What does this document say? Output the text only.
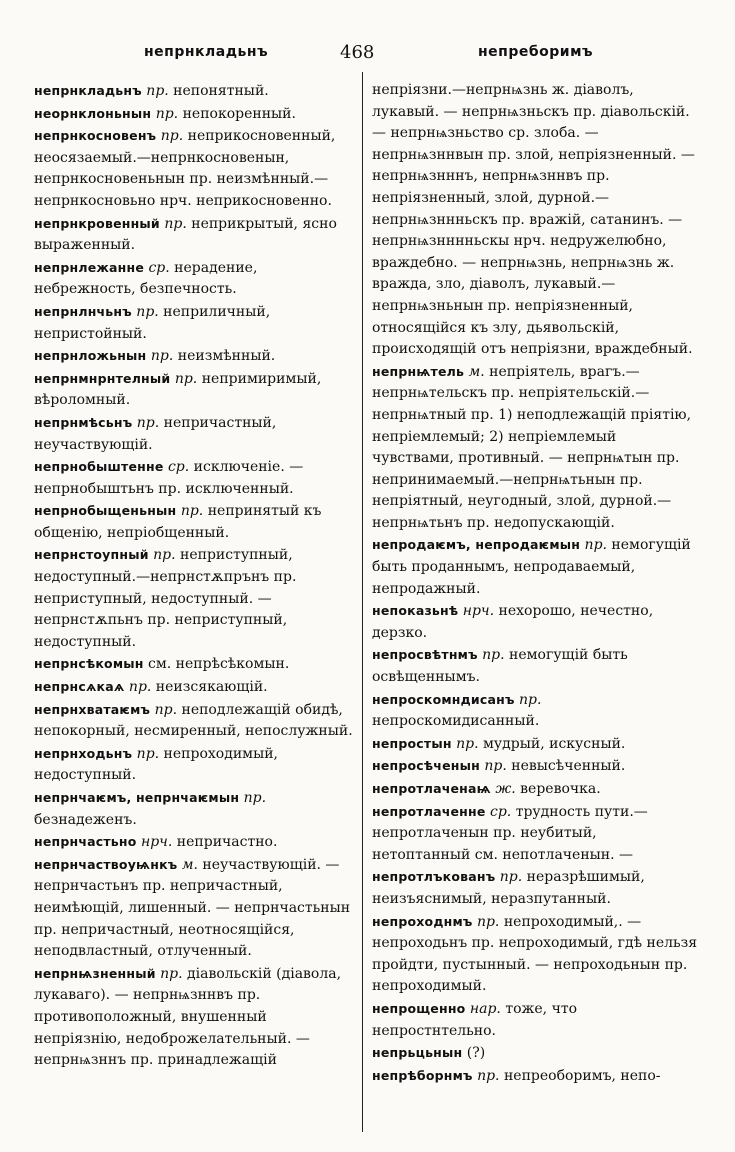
непрнкладьнъ	468	непреборимъ

непрнкладьнъ пр. непонятный.

неорнклоньнын пр. непокоренный.

непрнкосновенъ пр. неприкосновенный, неосязаемый.—непрнкосновенын, непрнкосновеньнын пр. неизмѣнный.—непрнкосновьно нрч. неприкосновенно.

непрнкровенный пр. неприкрытый, ясно выраженный.

непрнлежанне ср. нерадение, небрежность, безпечность.

непрнлнчьнъ пр. неприличный, непристойный.

непрнложьнын пр. неизмѣнный.

непрнмнрнтелный пр. непримиримый, вѣроломный.

непрнмѣсьнъ пр. непричастный, неучаствующій.

непрнобыштенне ср. исключеніе. — непрнобыштьнъ пр. исключенный.

непрнобыщеньнын пр. непринятый къ общенію, непріобщенный.

непрнстоупный пр. неприступный, недоступный.—непрнстѫпрънъ пр. неприступный, недоступный. — непрнстѫпьнъ пр. неприступный, недоступный.

непрнсѣкомын см. непрѣсѣкомын.

непрнсѧкаѧ пр. неизсякающій.

непрнхватаѥмъ пр. неподлежащій обидѣ, непокорный, несмиренный, непослужный.

непрнходьнъ пр. непроходимый, недоступный.

непрнчаѥмъ, непрнчаѥмын пр. безнадеженъ.

непрнчастьно нрч. непричастно.

непрнчаствоуѩнкъ м. неучаствующій. —непрнчастьнъ пр. непричастный, неимѣющій, лишенный. — непрнчастьнын пр. непричастный, неотносящійся, неподвластный, отлученный.

непрнѩзненный пр. діавольскій (діавола, лукаваго). — непрнѩзннвъ пр. противоположный, внушенный непріязнію, недоброжелательный. — непрнѩзннъ пр. принадлежащій

непріязни.—непрнѩзнь ж. діаволъ, лукавый. — непрнѩзньскъ пр. діавольскій. — непрнѩзньство ср. злоба. — непрнѩзннвын пр. злой, непріязненный. — непрнѩзнннъ, непрнѩзннвъ пр. непріязненный, злой, дурной.—непрнѩзннньскъ пр. вражій, сатанинъ. — непрнѩзнннньскы нрч. недружелюбно, враждебно. — непрнѩзнь, непрнѩзнь ж. вражда, зло, діаволъ, лукавый.—непрнѩзньнын пр. непріязненный, относящійся къ злу, дьявольскій, происходящій отъ непріязни, враждебный.

непрнѩтель м. непріятель, врагъ.—непрнѩтельскъ пр. непріятельскій.—непрнѩтный пр. 1) неподлежащій пріятію, непріемлемый; 2) непріемлемый чувствами, противный. — непрнѩтын пр. непринимаемый.—непрнѩтьнын пр. непріятный, неугодный, злой, дурной.— непрнѩтьнъ пр. недопускающій.

непродаѥмъ, непродаѥмын пр. немогущій быть проданнымъ, непродаваемый, непродажный.

непоказьнѣ нрч. нехорошо, нечестно, дерзко.

непросвѣтнмъ пр. немогущій быть освѣщеннымъ.

непроскомндисанъ пр. непроскомидисанный.

непростын пр. мудрый, искусный.

непросѣченын пр. невысѣченный.

непротлаченаѩ ж. веревочка.

непротлаченне ср. трудность пути.— непротлаченын пр. неубитый, нетоптанный см. непотлаченын. —

непротлъкованъ пр. неразрѣшимый, неизъяснимый, неразпутанный.

непроходнмъ пр. непроходимый,. — непроходьнъ пр. непроходимый, гдѣ нельзя пройдти, пустынный. — непроходьнын пр. непроходимый.

непрощенно нар. тоже, что непростнтельно.

непрьцьнын (?)

непрѣборнмъ пр. непреоборимъ, непо-
